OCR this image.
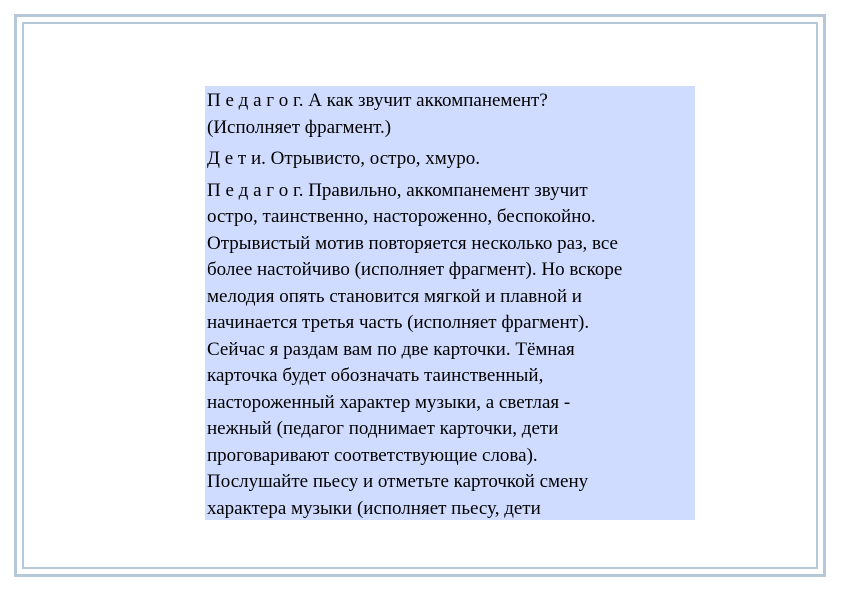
П е д а г о г. А как звучит аккомпанемент?
(Исполняет фрагмент.)

Д е т и. Отрывисто, остро, хмуро.

П е д а г о г. Правильно, аккомпанемент звучит
остро, таинственно, настороженно, беспокойно.
Отрывистый мотив повторяется несколько раз, все
более настойчиво (исполняет фрагмент). Но вскоре
мелодия опять становится мягкой и плавной и
начинается третья часть (исполняет фрагмент).
Сейчас я раздам вам по две карточки. Тёмная
карточка будет обозначать таинственный,
настороженный характер музыки, а светлая -
нежный (педагог поднимает карточки, дети
проговаривают соответствующие слова).
Послушайте пьесу и отметьте карточкой смену
характера музыки (исполняет пьесу, дети
